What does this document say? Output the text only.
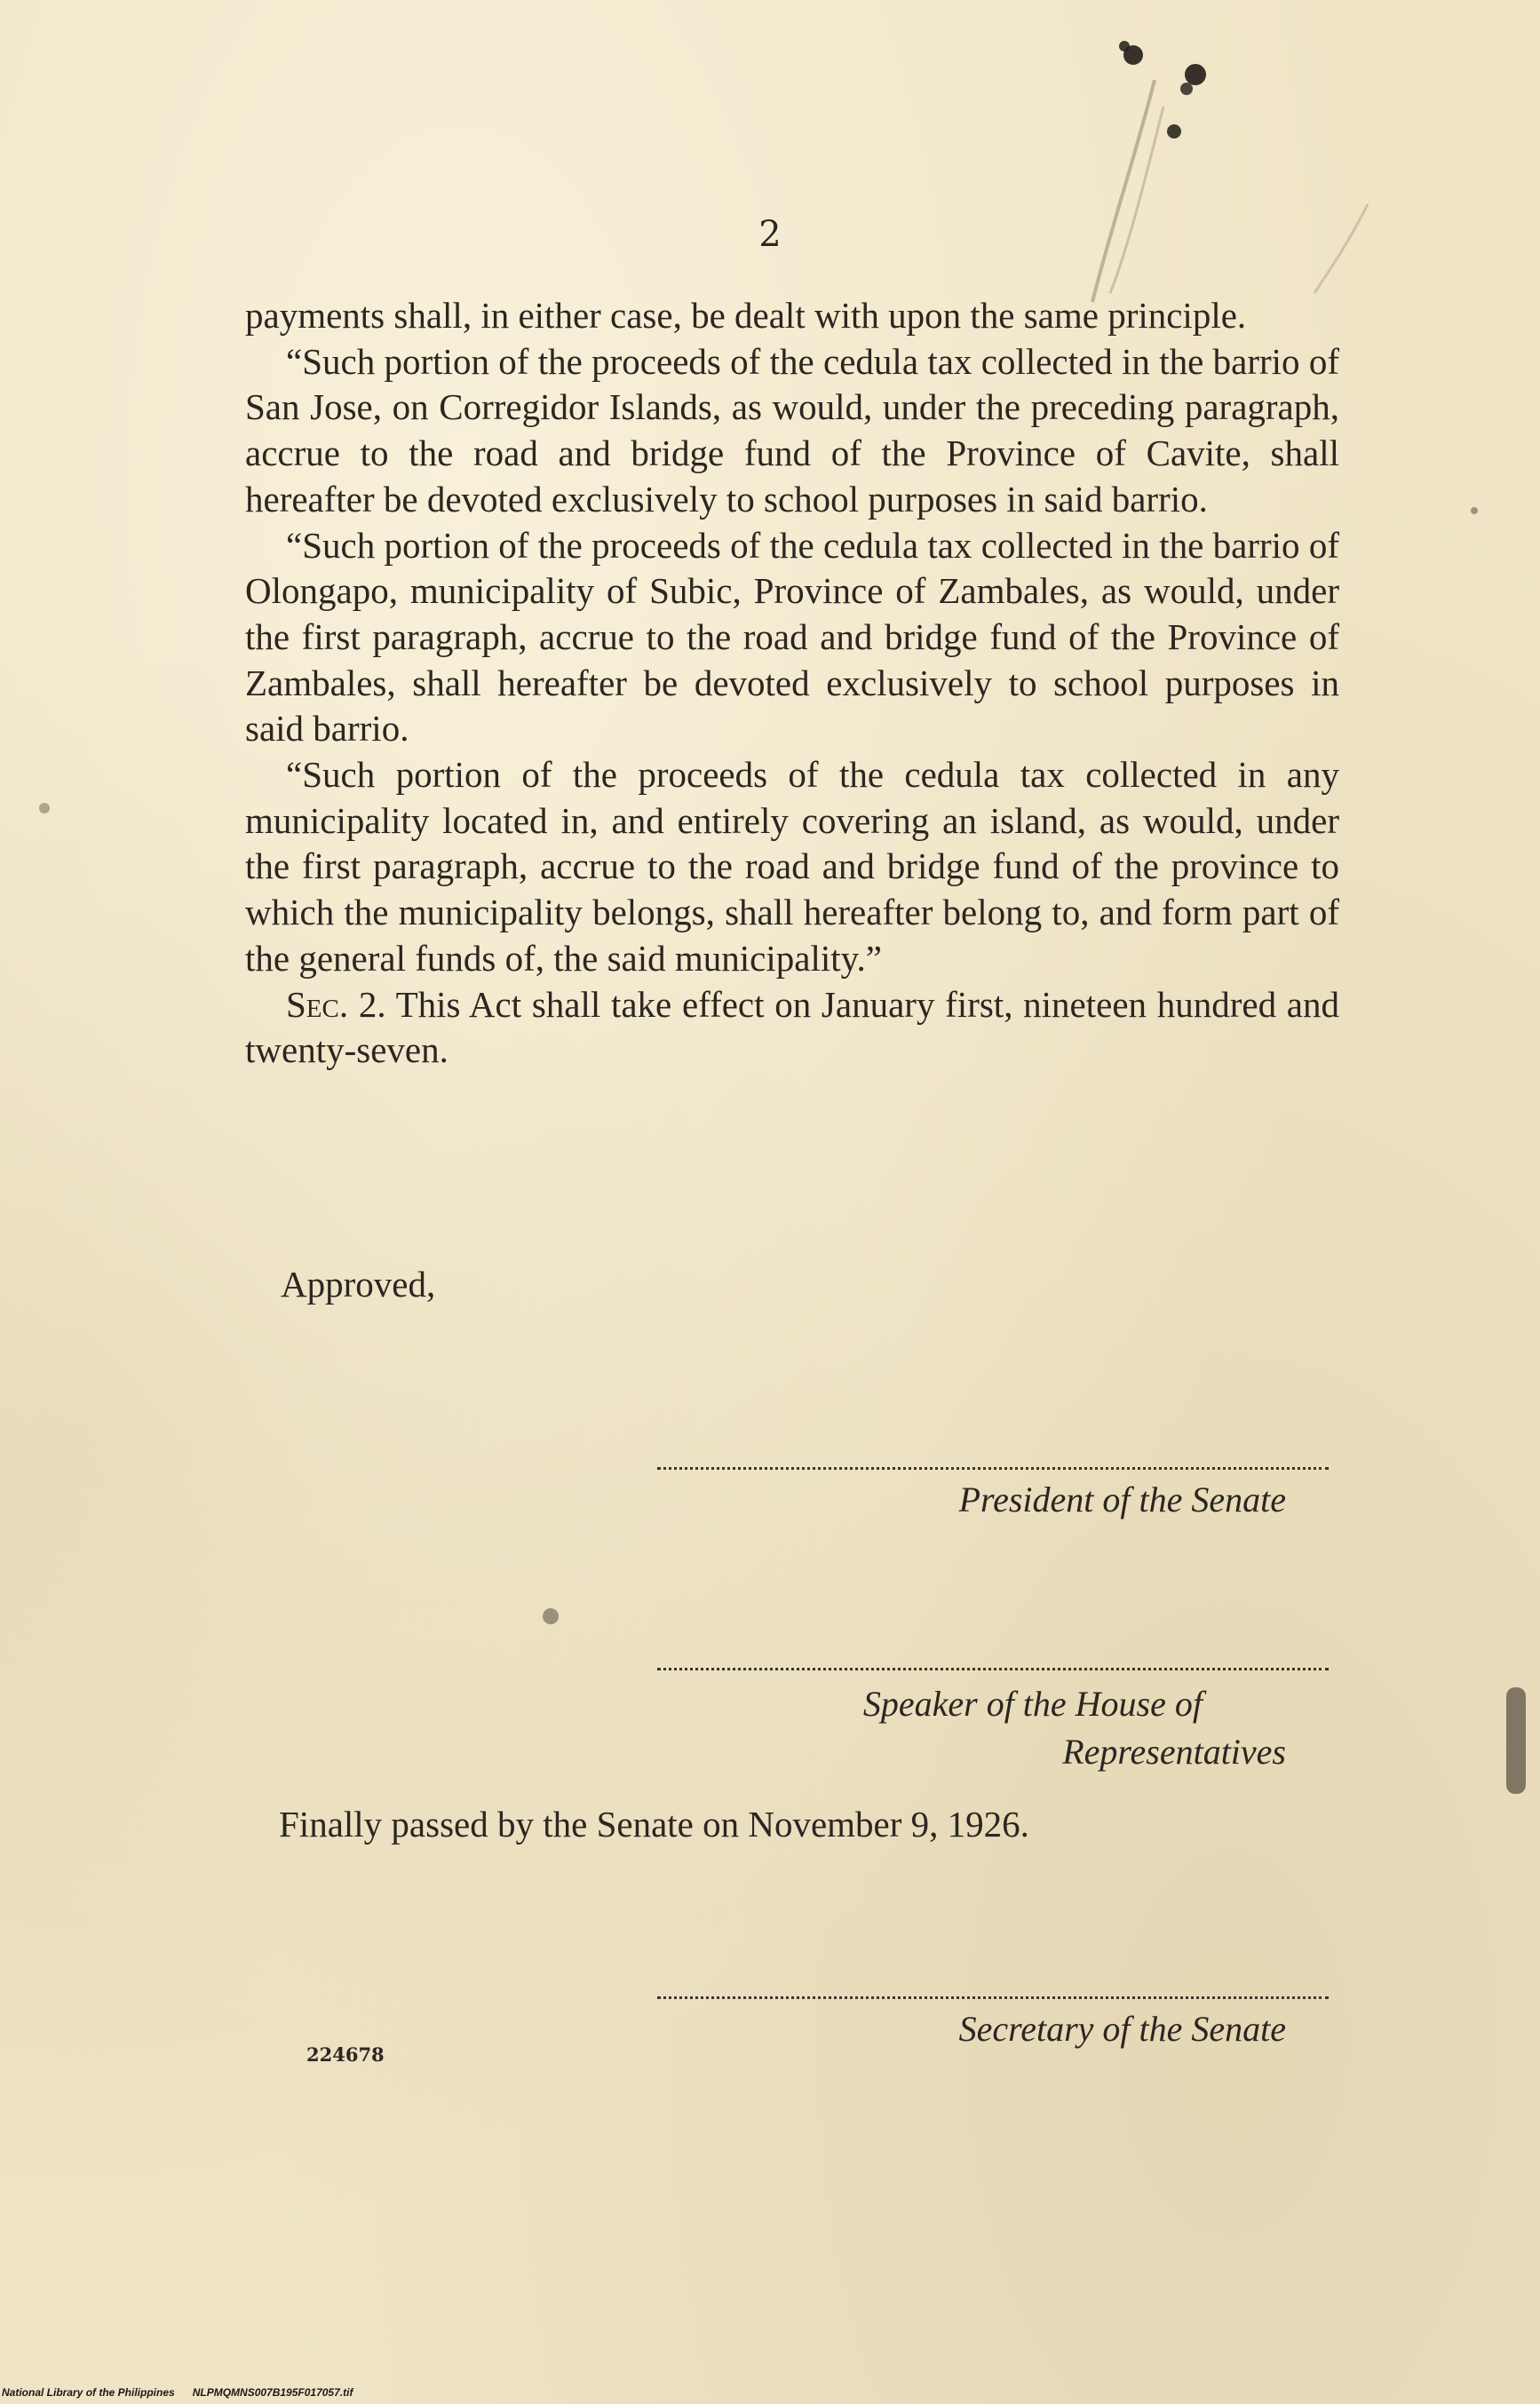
2

payments shall, in either case, be dealt with upon the same principle.

“Such portion of the proceeds of the cedula tax collected in the barrio of San Jose, on Corregidor Islands, as would, under the preceding paragraph, accrue to the road and bridge fund of the Province of Cavite, shall hereafter be devoted exclusively to school purposes in said barrio.

“Such portion of the proceeds of the cedula tax collected in the barrio of Olongapo, municipality of Subic, Province of Zambales, as would, under the first paragraph, accrue to the road and bridge fund of the Province of Zambales, shall hereafter be devoted exclusively to school purposes in said barrio.

“Such portion of the proceeds of the cedula tax collected in any municipality located in, and entirely covering an island, as would, under the first paragraph, accrue to the road and bridge fund of the province to which the municipality belongs, shall hereafter belong to, and form part of the general funds of, the said municipality.”

Sec. 2. This Act shall take effect on January first, nineteen hundred and twenty-seven.

Approved,
President of the Senate
Speaker of the House of
Representatives
Finally passed by the Senate on November 9, 1926.
Secretary of the Senate
224678
National Library of the Philippines NLPMQMNS007B195F017057.tif
